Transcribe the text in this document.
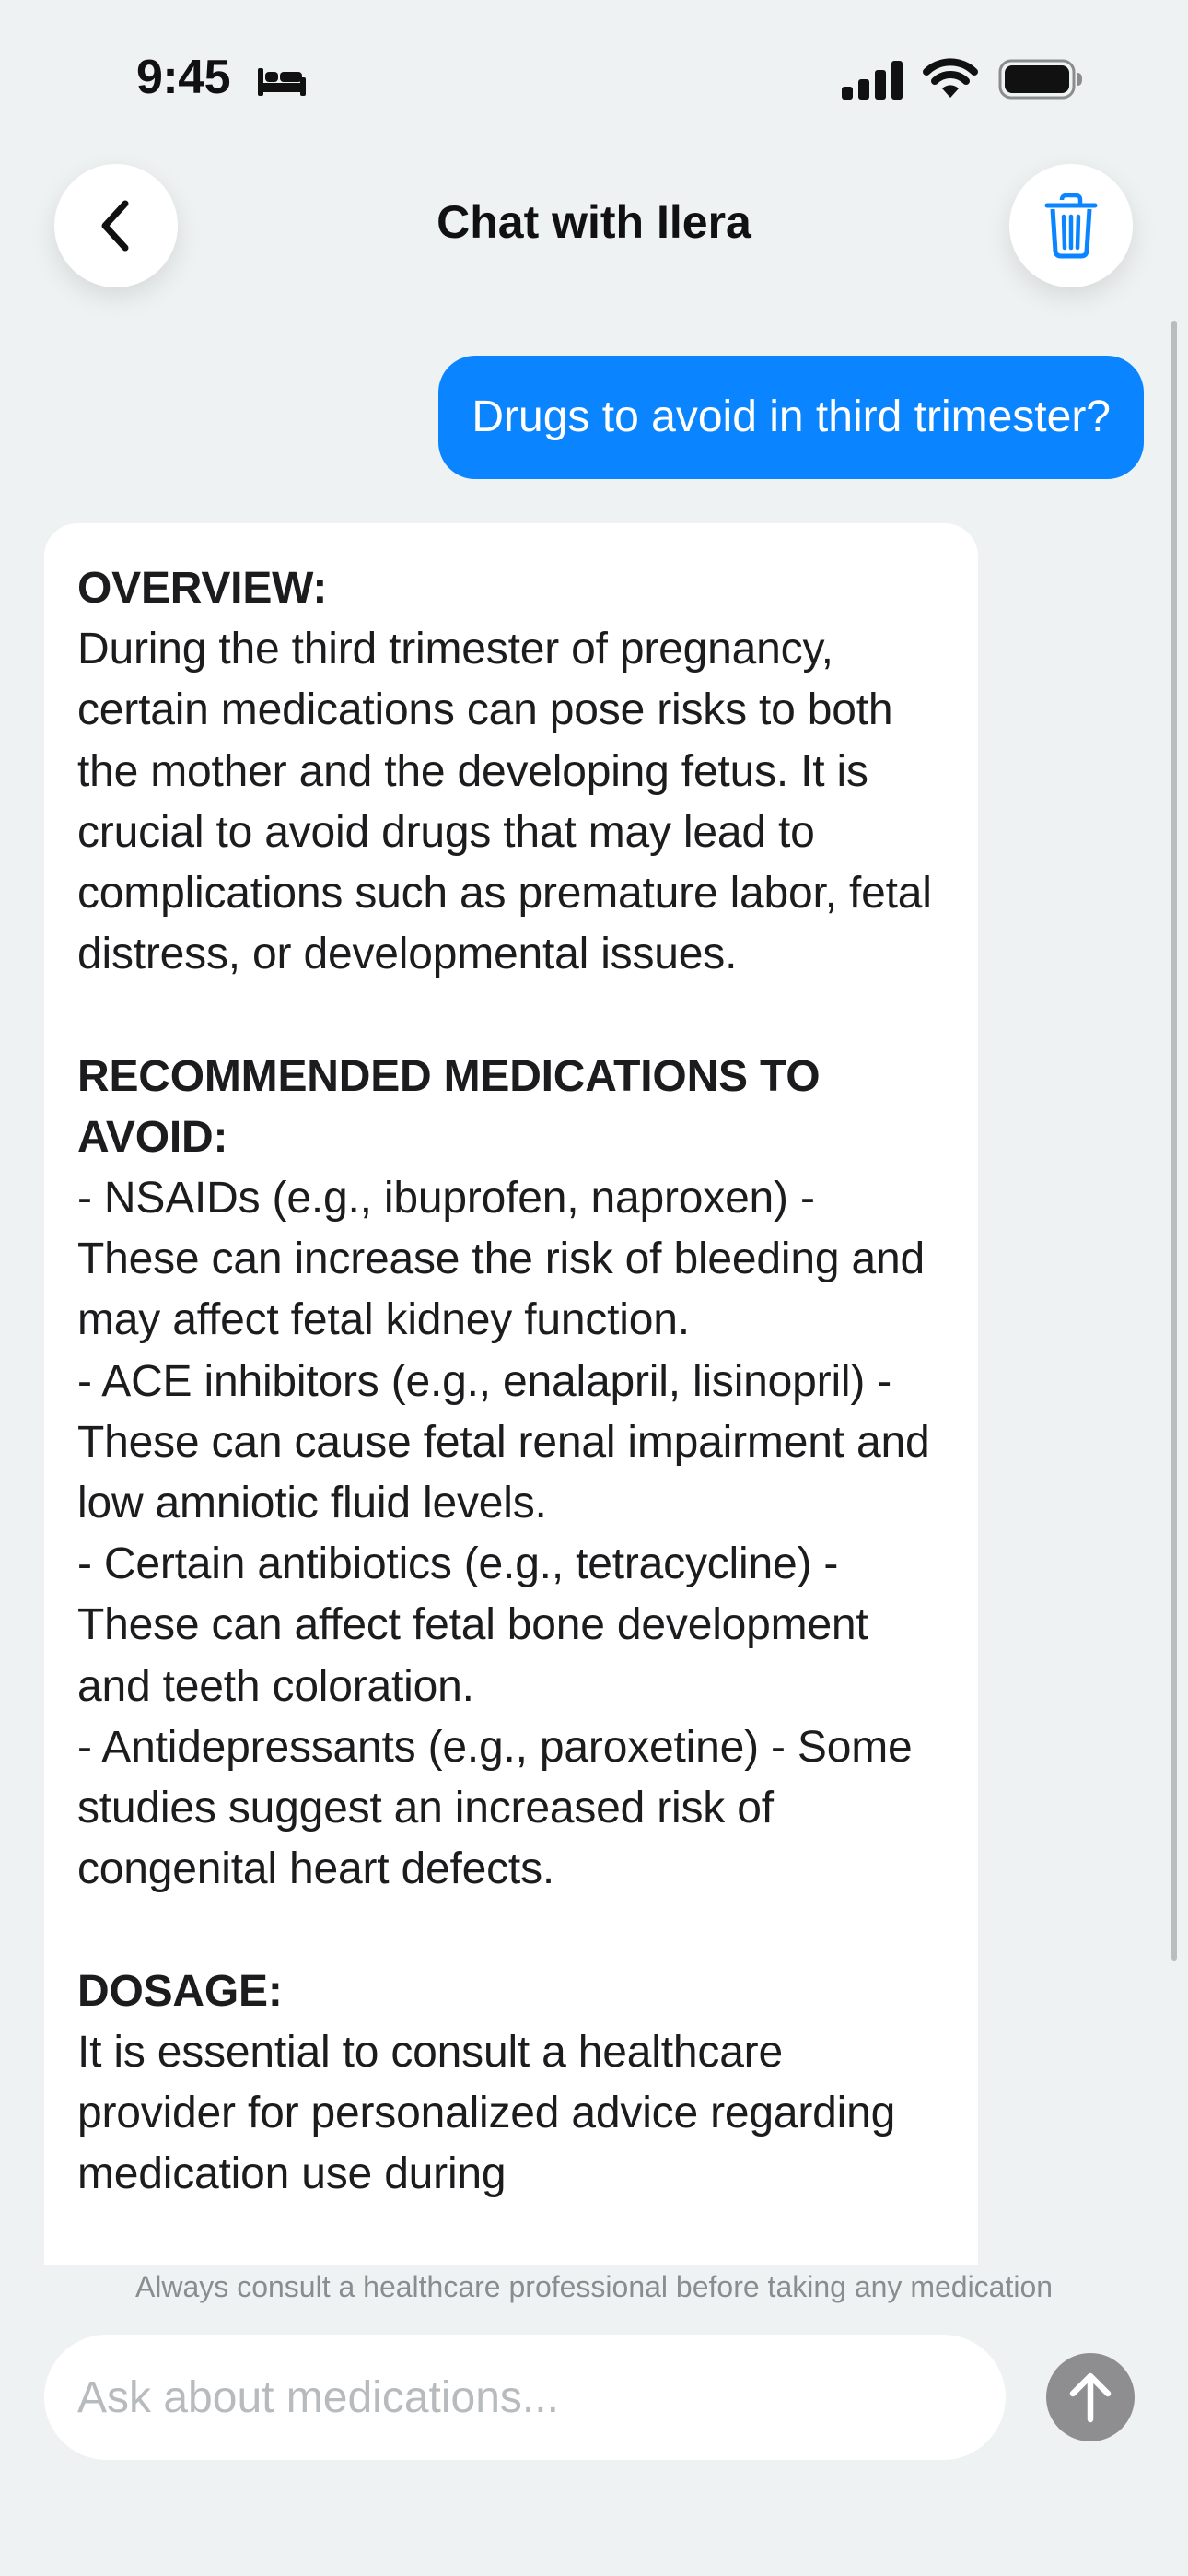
9:45
Chat with Ilera
Drugs to avoid in third trimester?
OVERVIEW:
During the third trimester of pregnancy, certain medications can pose risks to both the mother and the developing fetus. It is crucial to avoid drugs that may lead to complications such as premature labor, fetal distress, or developmental issues.

RECOMMENDED MEDICATIONS TO AVOID:
- NSAIDs (e.g., ibuprofen, naproxen) - These can increase the risk of bleeding and may affect fetal kidney function.
- ACE inhibitors (e.g., enalapril, lisinopril) - These can cause fetal renal impairment and low amniotic fluid levels.
- Certain antibiotics (e.g., tetracycline) - These can affect fetal bone development and teeth coloration.
- Antidepressants (e.g., paroxetine) - Some studies suggest an increased risk of congenital heart defects.

DOSAGE:
It is essential to consult a healthcare provider for personalized advice regarding medication use during
Always consult a healthcare professional before taking any medication
Ask about medications...
